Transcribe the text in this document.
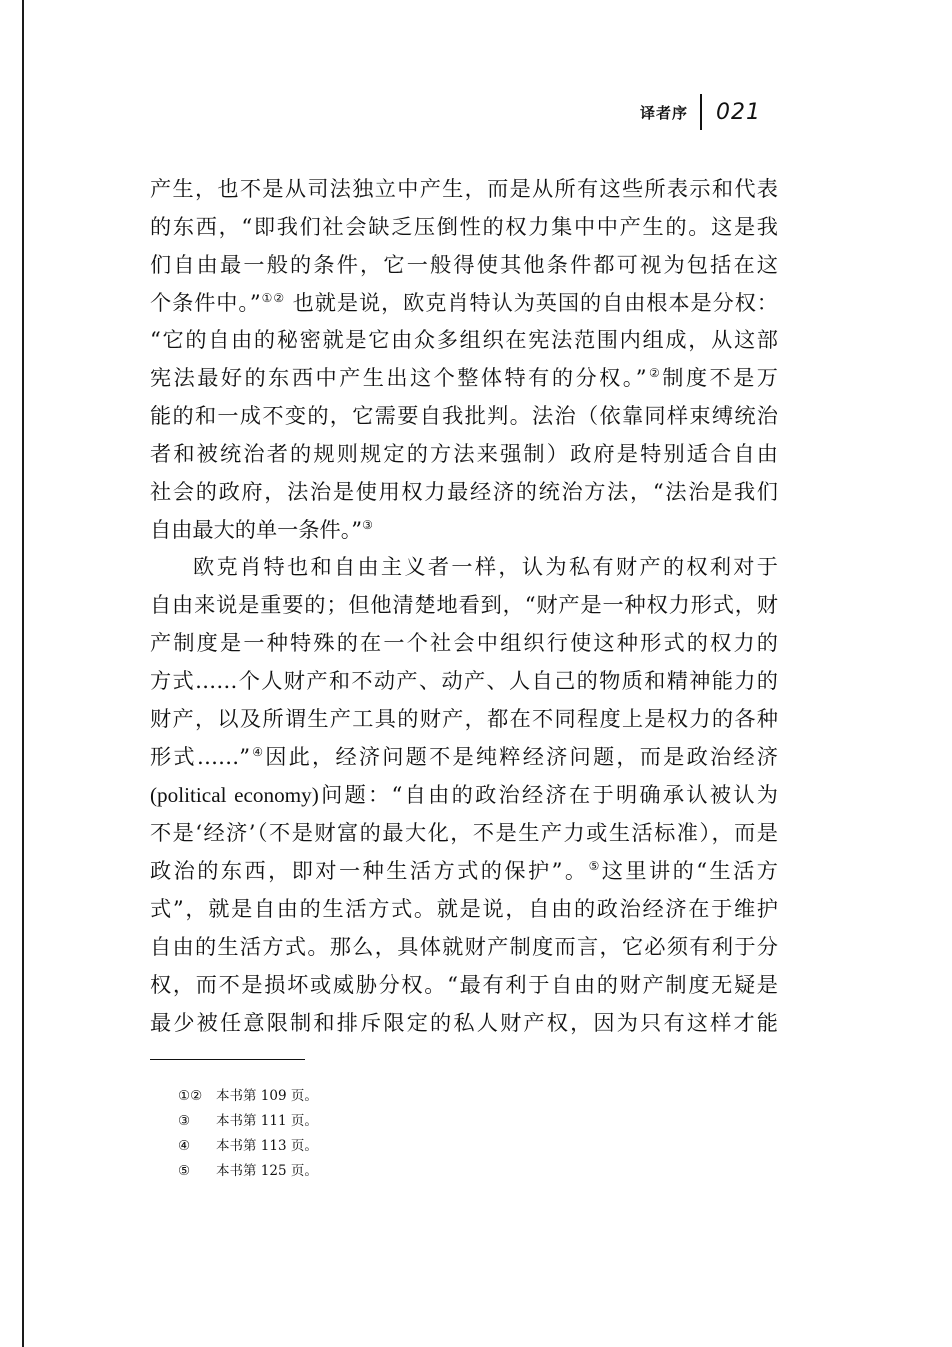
译者序 021

产生，也不是从司法独立中产生，而是从所有这些所表示和代表
的东西，“即我们社会缺乏压倒性的权力集中中产生的。这是我
们自由最一般的条件，它一般得使其他条件都可视为包括在这
个条件中。”①② 也就是说，欧克肖特认为英国的自由根本是分权：
“它的自由的秘密就是它由众多组织在宪法范围内组成，从这部
宪法最好的东西中产生出这个整体特有的分权。”②制度不是万
能的和一成不变的，它需要自我批判。法治（依靠同样束缚统治
者和被统治者的规则规定的方法来强制）政府是特别适合自由
社会的政府，法治是使用权力最经济的统治方法，“法治是我们
自由最大的单一条件。”③

欧克肖特也和自由主义者一样，认为私有财产的权利对于
自由来说是重要的；但他清楚地看到，“财产是一种权力形式，财
产制度是一种特殊的在一个社会中组织行使这种形式的权力的
方式……个人财产和不动产、动产、人自己的物质和精神能力的
财产，以及所谓生产工具的财产，都在不同程度上是权力的各种
形式……”④因此，经济问题不是纯粹经济问题，而是政治经济
(political economy)问题：“自由的政治经济在于明确承认被认为
不是‘经济’（不是财富的最大化，不是生产力或生活标准），而是
政治的东西，即对一种生活方式的保护”。⑤这里讲的“生活方
式”，就是自由的生活方式。就是说，自由的政治经济在于维护
自由的生活方式。那么，具体就财产制度而言，它必须有利于分
权，而不是损坏或威胁分权。“最有利于自由的财产制度无疑是
最少被任意限制和排斥限定的私人财产权，因为只有这样才能

①②	本书第 109 页。
③	本书第 111 页。
④	本书第 113 页。
⑤	本书第 125 页。
